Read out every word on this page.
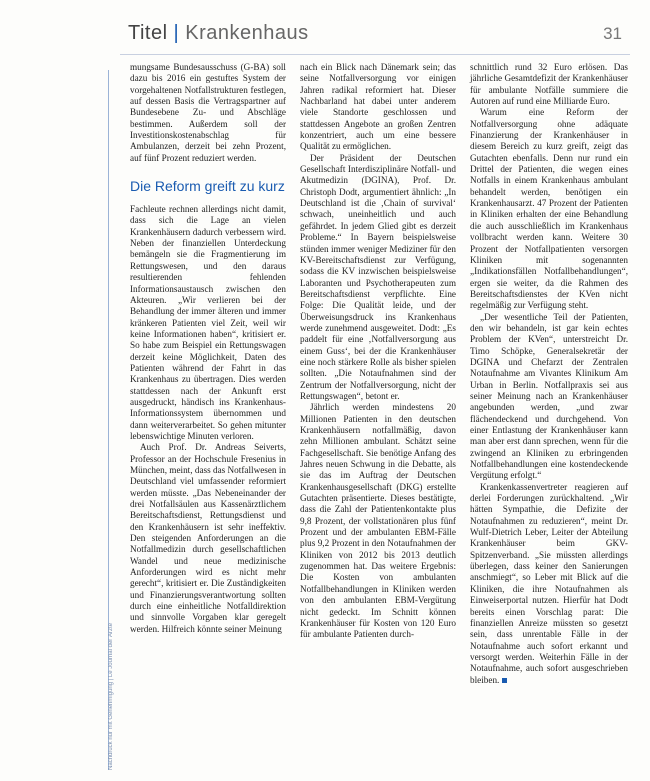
Titel | Krankenhaus	31
Nachdruck nur mit Genehmigung | Le Journal der Ärzte

mungsame Bundesausschuss (G-BA) soll dazu bis 2016 ein gestuftes System der vorgehaltenen Notfallstrukturen festlegen, auf dessen Basis die Vertragspartner auf Bundesebene Zu- und Abschläge bestimmen. Außerdem soll der Investitionskostenabschlag für Ambulanzen, derzeit bei zehn Prozent, auf fünf Prozent reduziert werden.

Die Reform greift zu kurz

Fachleute rechnen allerdings nicht damit, dass sich die Lage an vielen Krankenhäusern dadurch verbessern wird. Neben der finanziellen Unterdeckung bemängeln sie die Fragmentierung im Rettungswesen, und den daraus resultierenden fehlenden Informationsaustausch zwischen den Akteuren. „Wir verlieren bei der Behandlung der immer älteren und immer kränkeren Patienten viel Zeit, weil wir keine Informationen haben“, kritisiert er. So habe zum Beispiel ein Rettungswagen derzeit keine Möglichkeit, Daten des Patienten während der Fahrt in das Krankenhaus zu übertragen. Dies werden stattdessen nach der Ankunft erst ausgedruckt, händisch ins Krankenhaus-Informationssystem übernommen und dann weiterverarbeitet. So gehen mitunter lebenswichtige Minuten verloren.

Auch Prof. Dr. Andreas Seiverts, Professor an der Hochschule Fresenius in München, meint, dass das Notfallwesen in Deutschland viel umfassender reformiert werden müsste. „Das Nebeneinander der drei Notfallsäulen aus Kassenärztlichem Bereitschaftsdienst, Rettungsdienst und den Krankenhäusern ist sehr ineffektiv. Den steigenden Anforderungen an die Notfallmedizin durch gesellschaftlichen Wandel und neue medizinische Anforderungen wird es nicht mehr gerecht“, kritisiert er. Die Zuständigkeiten und Finanzierungsverantwortung sollten durch eine einheitliche Notfalldirektion und sinnvolle Vorgaben klar geregelt werden. Hilfreich könnte seiner Meinung

nach ein Blick nach Dänemark sein; das seine Notfallversorgung vor einigen Jahren radikal reformiert hat. Dieser Nachbarland hat dabei unter anderem viele Standorte geschlossen und stattdessen Angebote an großen Zentren konzentriert, auch um eine bessere Qualität zu ermöglichen.

Der Präsident der Deutschen Gesellschaft Interdisziplinäre Notfall- und Akutmedizin (DGINA), Prof. Dr. Christoph Dodt, argumentiert ähnlich: „In Deutschland ist die ‚Chain of survival‘ schwach, uneinheitlich und auch gefährdet. In jedem Glied gibt es derzeit Probleme.“ In Bayern beispielsweise stünden immer weniger Mediziner für den KV-Bereitschaftsdienst zur Verfügung, sodass die KV inzwischen beispielsweise Laboranten und Psychotherapeuten zum Bereitschaftsdienst verpflichte. Eine Folge: Die Qualität leide, und der Überweisungsdruck ins Krankenhaus werde zunehmend ausgeweitet. Dodt: „Es paddelt für eine ‚Notfallversorgung aus einem Guss‘, bei der die Krankenhäuser eine noch stärkere Rolle als bisher spielen sollten. „Die Notaufnahmen sind der Zentrum der Notfallversorgung, nicht der Rettungswagen“, betont er.

Jährlich werden mindestens 20 Millionen Patienten in den deutschen Krankenhäusern notfallmäßig, davon zehn Millionen ambulant. Schätzt seine Fachgesellschaft. Sie benötige Anfang des Jahres neuen Schwung in die Debatte, als sie das im Auftrag der Deutschen Krankenhausgesellschaft (DKG) erstellte Gutachten präsentierte. Dieses bestätigte, dass die Zahl der Patientenkontakte plus 9,8 Prozent, der vollstationären plus fünf Prozent und der ambulanten EBM-Fälle plus 9,2 Prozent in den Notaufnahmen der Kliniken von 2012 bis 2013 deutlich zugenommen hat. Das weitere Ergebnis: Die Kosten von ambulanten Notfallbehandlungen in Kliniken werden von den ambulanten EBM-Vergütung nicht gedeckt. Im Schnitt können Krankenhäuser für Kosten von 120 Euro für ambulante Patienten durch-

schnittlich rund 32 Euro erlösen. Das jährliche Gesamtdefizit der Krankenhäuser für ambulante Notfälle summiere die Autoren auf rund eine Milliarde Euro.

Warum eine Reform der Notfallversorgung ohne adäquate Finanzierung der Krankenhäuser in diesem Bereich zu kurz greift, zeigt das Gutachten ebenfalls. Denn nur rund ein Drittel der Patienten, die wegen eines Notfalls in einem Krankenhaus ambulant behandelt werden, benötigen ein Krankenhausarzt. 47 Prozent der Patienten in Kliniken erhalten der eine Behandlung die auch ausschließlich im Krankenhaus vollbracht werden kann. Weitere 30 Prozent der Notfallpatienten versorgen Kliniken mit sogenannten „Indikationsfällen Notfallbehandlungen“, ergen sie weiter, da die Rahmen des Bereitschaftsdienstes der KVen nicht regelmäßig zur Verfügung steht.

„Der wesentliche Teil der Patienten, den wir behandeln, ist gar kein echtes Problem der KVen“, unterstreicht Dr. Timo Schöpke, Generalsekretär der DGINA und Chefarzt der Zentralen Notaufnahme am Vivantes Klinikum Am Urban in Berlin. Notfallpraxis sei aus seiner Meinung nach an Krankenhäuser angebunden werden, „und zwar flächendeckend und durchgehend. Von einer Entlastung der Krankenhäuser kann man aber erst dann sprechen, wenn für die zwingend an Kliniken zu erbringenden Notfallbehandlungen eine kostendeckende Vergütung erfolgt.“

Krankenkassenvertreter reagieren auf derlei Forderungen zurückhaltend. „Wir hätten Sympathie, die Defizite der Notaufnahmen zu reduzieren“, meint Dr. Wulf-Dietrich Leber, Leiter der Abteilung Krankenhäuser beim GKV-Spitzenverband. „Sie müssten allerdings überlegen, dass keiner den Sanierungen anschmiegt“, so Leber mit Blick auf die Kliniken, die ihre Notaufnahmen als Einweiserportal nutzen. Hierfür hat Dodt bereits einen Vorschlag parat: Die finanziellen Anreize müssten so gesetzt sein, dass unrentable Fälle in der Notaufnahme auch sofort erkannt und versorgt werden. Weiterhin Fälle in der Notaufnahme, auch sofort ausgeschrieben bleiben.
